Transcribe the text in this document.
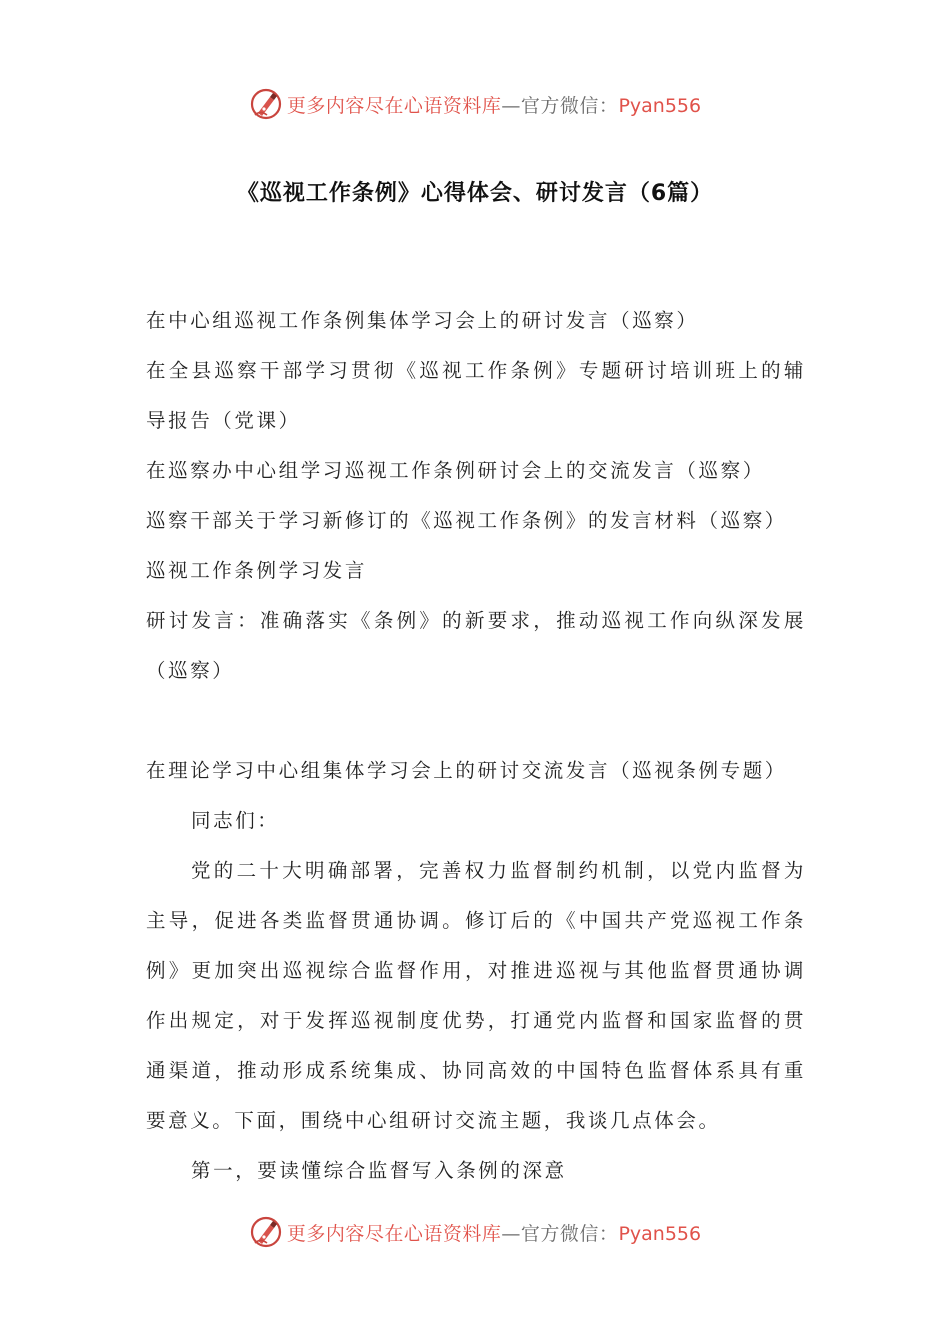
更多内容尽在心语资料库—官方微信：Pyan556
《巡视工作条例》心得体会、研讨发言（6篇）

在中心组巡视工作条例集体学习会上的研讨发言（巡察）

在全县巡察干部学习贯彻《巡视工作条例》专题研讨培训班上的辅导报告（党课）

在巡察办中心组学习巡视工作条例研讨会上的交流发言（巡察）

巡察干部关于学习新修订的《巡视工作条例》的发言材料（巡察）

巡视工作条例学习发言

研讨发言：准确落实《条例》的新要求，推动巡视工作向纵深发展（巡察）

在理论学习中心组集体学习会上的研讨交流发言（巡视条例专题）

同志们：

党的二十大明确部署，完善权力监督制约机制，以党内监督为主导，促进各类监督贯通协调。修订后的《中国共产党巡视工作条例》更加突出巡视综合监督作用，对推进巡视与其他监督贯通协调作出规定，对于发挥巡视制度优势，打通党内监督和国家监督的贯通渠道，推动形成系统集成、协同高效的中国特色监督体系具有重要意义。下面，围绕中心组研讨交流主题，我谈几点体会。

第一，要读懂综合监督写入条例的深意

更多内容尽在心语资料库—官方微信：Pyan556
